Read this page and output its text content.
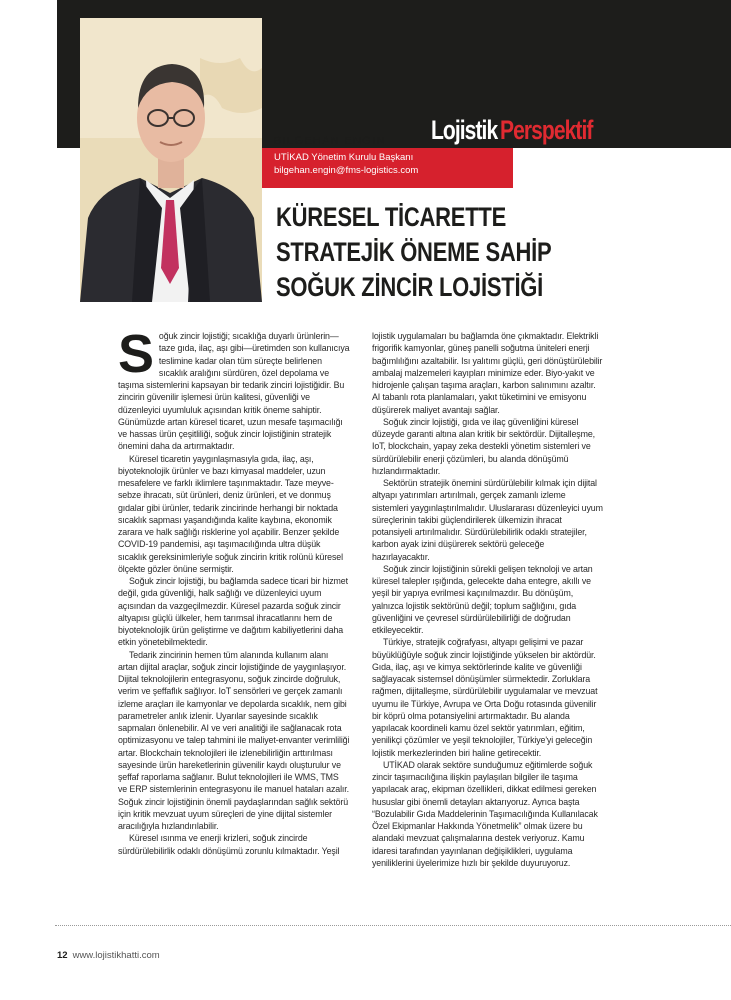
Lojistik Perspektif
BİLGEHAN ENGİN
UTİKAD Yönetim Kurulu Başkanı
bilgehan.engin@fms-logistics.com
KÜRESEL TİCARETTE
STRATEJİK ÖNEME SAHİP
SOĞUK ZİNCİR LOJİSTİĞİ

Soğuk zincir lojistiği; sıcaklığa duyarlı ürünlerin— taze gıda, ilaç, aşı gibi—üretimden son kullanıcıya teslimine kadar olan tüm süreçte belirlenen sıcaklık aralığını sürdüren, özel depolama ve taşıma sistemlerini kapsayan bir tedarik zinciri lojistiğidir. Bu zincirin güvenilir işlemesi ürün kalitesi, güvenliği ve düzenleyici uyumluluk açısından kritik öneme sahiptir. Günümüzde artan küresel ticaret, uzun mesafe taşımacılığı ve hassas ürün çeşitliliği, soğuk zincir lojistiğinin stratejik önemini daha da artırmaktadır.

Küresel ticaretin yaygınlaşmasıyla gıda, ilaç, aşı, biyoteknolojik ürünler ve bazı kimyasal maddeler, uzun mesafelere ve farklı iklimlere taşınmaktadır. Taze meyve-sebze ihracatı, süt ürünleri, deniz ürünleri, et ve donmuş gıdalar gibi ürünler, tedarik zincirinde herhangi bir noktada sıcaklık sapması yaşandığında kalite kaybına, ekonomik zarara ve halk sağlığı risklerine yol açabilir. Benzer şekilde COVID-19 pandemisi, aşı taşımacılığında ultra düşük sıcaklık gereksinimleriyle soğuk zincirin kritik rolünü küresel ölçekte gözler önüne sermiştir.

Soğuk zincir lojistiği, bu bağlamda sadece ticari bir hizmet değil, gıda güvenliği, halk sağlığı ve düzenleyici uyum açısından da vazgeçilmezdir. Küresel pazarda soğuk zincir altyapısı güçlü ülkeler, hem tarımsal ihracatlarını hem de biyoteknolojik ürün geliştirme ve dağıtım kabiliyetlerini daha etkin yönetebilmektedir.

Tedarik zincirinin hemen tüm alanında kullanım alanı artan dijital araçlar, soğuk zincir lojistiğinde de yaygınlaşıyor. Dijital teknolojilerin entegrasyonu, soğuk zincirde doğruluk, verim ve şeffaflık sağlıyor. IoT sensörleri ve gerçek zamanlı izleme araçları ile kamyonlar ve depolarda sıcaklık, nem gibi parametreler anlık izlenir. Uyarılar sayesinde sıcaklık sapmaları önlenebilir. AI ve veri analitiği ile sağlanacak rota optimizasyonu ve talep tahmini ile maliyet-envanter verimliliği artar. Blockchain teknolojileri ile izlenebilirliğin arttırılması sayesinde ürün hareketlerinin güvenilir kaydı oluşturulur ve şeffaf raporlama sağlanır. Bulut teknolojileri ile WMS, TMS ve ERP sistemlerinin entegrasyonu ile manuel hataları azalır. Soğuk zincir lojistiğinin önemli paydaşlarından sağlık sektörü için kritik mevzuat uyum süreçleri de yine dijital sistemler aracılığıyla hızlandırılabilir.

Küresel ısınma ve enerji krizleri, soğuk zincirde sürdürülebilirlik odaklı dönüşümü zorunlu kılmaktadır. Yeşil

lojistik uygulamaları bu bağlamda öne çıkmaktadır. Elektrikli frigorifik kamyonlar, güneş panelli soğutma üniteleri enerji bağımlılığını azaltabilir. Isı yalıtımı güçlü, geri dönüştürülebilir ambalaj malzemeleri kayıpları minimize eder. Biyo-yakıt ve hidrojenle çalışan taşıma araçları, karbon salınımını azaltır. AI tabanlı rota planlamaları, yakıt tüketimini ve emisyonu düşürerek maliyet avantajı sağlar.

Soğuk zincir lojistiği, gıda ve ilaç güvenliğini küresel düzeyde garanti altına alan kritik bir sektördür. Dijitalleşme, IoT, blockchain, yapay zeka destekli yönetim sistemleri ve sürdürülebilir enerji çözümleri, bu alanda dönüşümü hızlandırmaktadır.

Sektörün stratejik önemini sürdürülebilir kılmak için dijital altyapı yatırımları artırılmalı, gerçek zamanlı izleme sistemleri yaygınlaştırılmalıdır. Uluslararası düzenleyici uyum süreçlerinin takibi güçlendirilerek ülkemizin ihracat potansiyeli artırılmalıdır. Sürdürülebilirlik odaklı stratejiler, karbon ayak izini düşürerek sektörü geleceğe hazırlayacaktır.

Soğuk zincir lojistiğinin sürekli gelişen teknoloji ve artan küresel talepler ışığında, gelecekte daha entegre, akıllı ve yeşil bir yapıya evrilmesi kaçınılmazdır. Bu dönüşüm, yalnızca lojistik sektörünü değil; toplum sağlığını, gıda güvenliğini ve çevresel sürdürülebilirliği de doğrudan etkileyecektir.

Türkiye, stratejik coğrafyası, altyapı gelişimi ve pazar büyüklüğüyle soğuk zincir lojistiğinde yükselen bir aktördür. Gıda, ilaç, aşı ve kimya sektörlerinde kalite ve güvenliği sağlayacak sistemsel dönüşümler sürmektedir. Zorluklara rağmen, dijitalleşme, sürdürülebilir uygulamalar ve mevzuat uyumu ile Türkiye, Avrupa ve Orta Doğu rotasında güvenilir bir köprü olma potansiyelini artırmaktadır. Bu alanda yapılacak koordineli kamu özel sektör yatırımları, eğitim, yenilikçi çözümler ve yeşil teknolojiler, Türkiye'yi geleceğin lojistik merkezlerinden biri haline getirecektir.

UTİKAD olarak sektöre sunduğumuz eğitimlerde soğuk zincir taşımacılığına ilişkin paylaşılan bilgiler ile taşıma yapılacak araç, ekipman özellikleri, dikkat edilmesi gereken hususlar gibi önemli detayları aktarıyoruz. Ayrıca başta “Bozulabilir Gıda Maddelerinin Taşımacılığında Kullanılacak Özel Ekipmanlar Hakkında Yönetmelik” olmak üzere bu alandaki mevzuat çalışmalarına destek veriyoruz. Kamu idaresi tarafından yayınlanan değişiklikleri, uygulama yeniliklerini üyelerimize hızlı bir şekilde duyuruyoruz.

12 www.lojistikhatti.com
